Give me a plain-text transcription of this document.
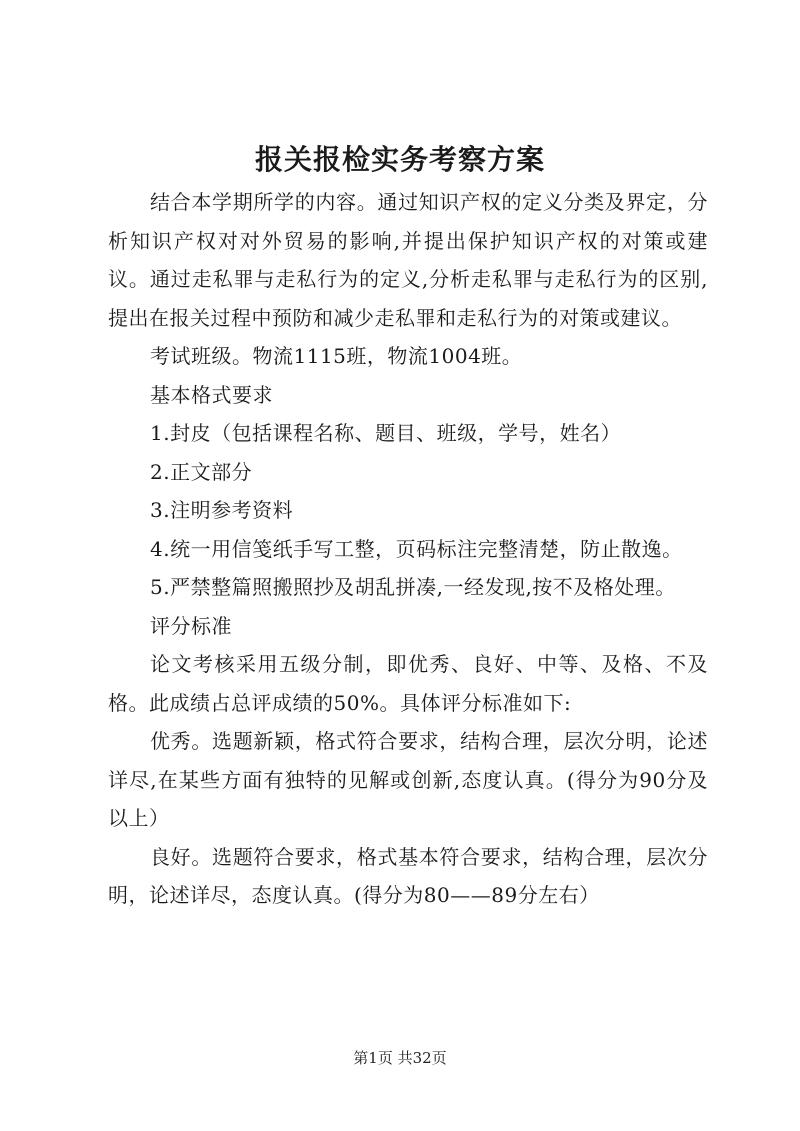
报关报检实务考察方案

结合本学期所学的内容。通过知识产权的定义分类及界定，分析知识产权对对外贸易的影响,并提出保护知识产权的对策或建议。通过走私罪与走私行为的定义,分析走私罪与走私行为的区别,提出在报关过程中预防和减少走私罪和走私行为的对策或建议。

考试班级。物流1115班，物流1004班。

基本格式要求

1.封皮（包括课程名称、题目、班级，学号，姓名）

2.正文部分

3.注明参考资料

4.统一用信笺纸手写工整，页码标注完整清楚，防止散逸。

5.严禁整篇照搬照抄及胡乱拼凑,一经发现,按不及格处理。

评分标准

论文考核采用五级分制，即优秀、良好、中等、及格、不及格。此成绩占总评成绩的50%。具体评分标准如下:

优秀。选题新颖，格式符合要求，结构合理，层次分明，论述详尽,在某些方面有独特的见解或创新,态度认真。(得分为90分及以上）

良好。选题符合要求，格式基本符合要求，结构合理，层次分明，论述详尽，态度认真。(得分为80——89分左右）

第1页 共32页
